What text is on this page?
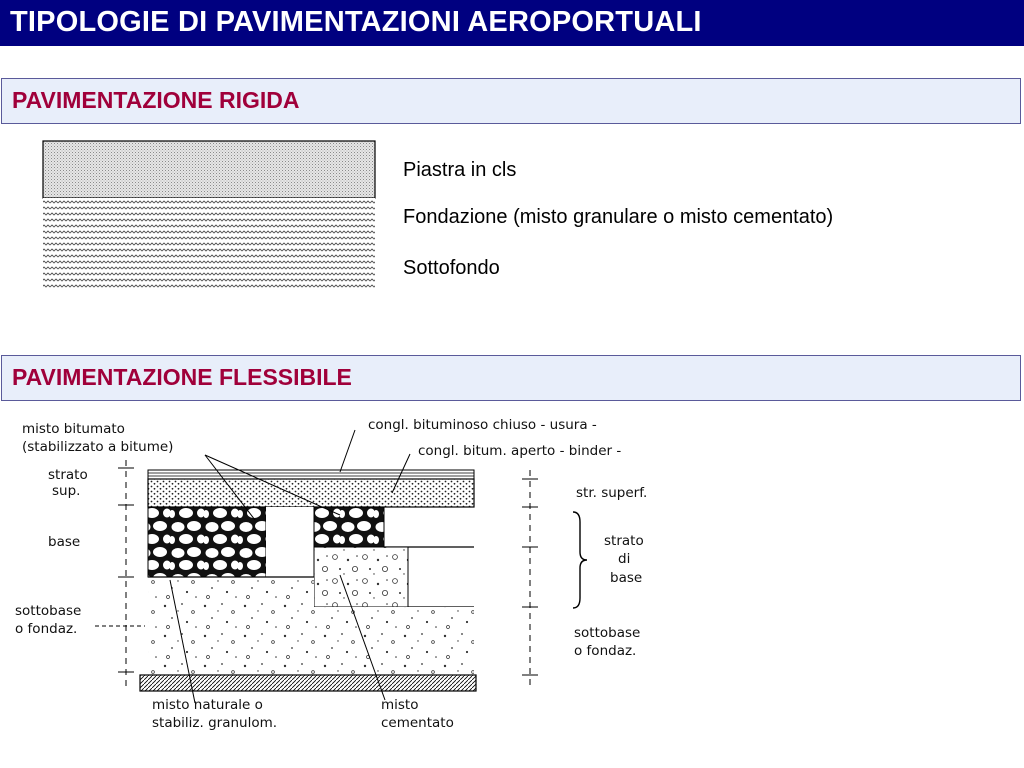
TIPOLOGIE DI PAVIMENTAZIONI AEROPORTUALI
PAVIMENTAZIONE RIGIDA
Piastra in cls
Fondazione (misto granulare o misto cementato)
Sottofondo
PAVIMENTAZIONE FLESSIBILE
misto bitumato
(stabilizzato a bitume)
congl. bituminoso chiuso - usura -
congl. bitum. aperto - binder -
strato
sup.
base
sottobase
o fondaz.
str. superf.
strato
di
base
sottobase
o fondaz.
misto naturale o
stabiliz. granulom.
misto
cementato
